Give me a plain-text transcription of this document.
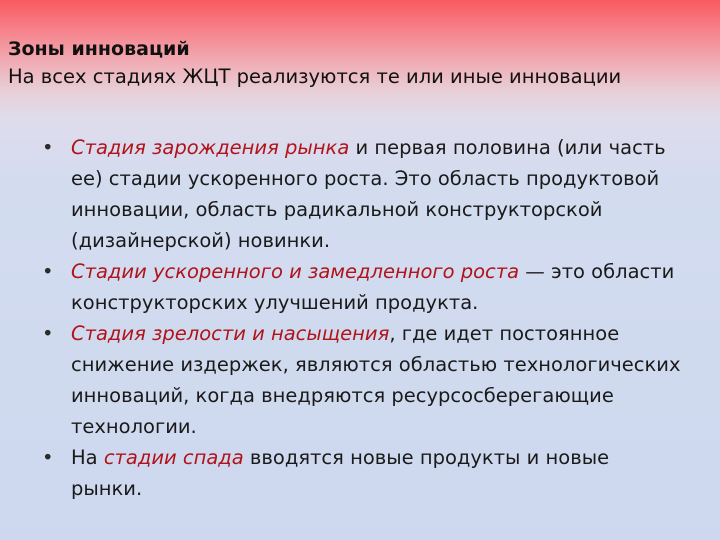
Зоны инноваций
На всех стадиях ЖЦТ реализуются те или иные инновации
• Стадия зарождения рынка и первая половина (или часть ее) стадии ускоренного роста. Это область продуктовой инновации, область радикальной конструкторской (дизайнерской) новинки.
• Стадии ускоренного и замедленного роста — это области конструкторских улучшений продукта.
• Стадия зрелости и насыщения, где идет постоянное снижение издержек, являются областью технологических инноваций, когда внедряются ресурсосберегающие технологии.
• На стадии спада вводятся новые продукты и новые рынки.
